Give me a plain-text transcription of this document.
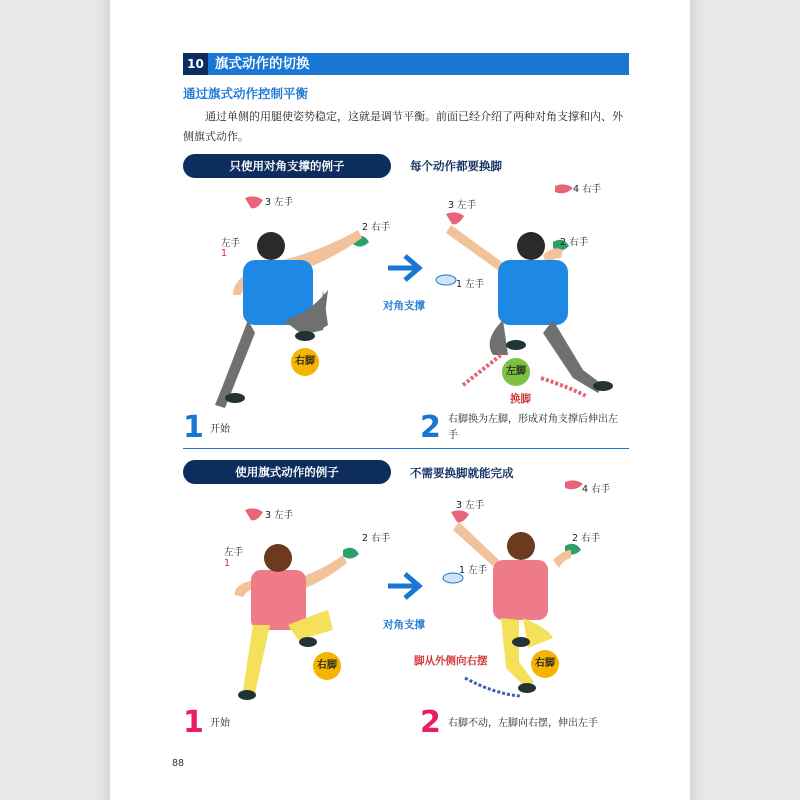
10 旗式动作的切换
通过旗式动作控制平衡
通过单侧的用腿使姿势稳定，这就是调节平衡。前面已经介绍了两种对角支撑和内、外侧旗式动作。
只使用对角支撑的例子	每个动作都要换脚
3 左手
2 右手
左手
1
右脚
对角支撑
4 右手
3 左手
2 右手
1 左手
左脚
换脚
1 开始	2 右脚换为左脚，形成对角支撑后伸出左手
使用旗式动作的例子	不需要换脚就能完成
3 左手
2 右手
左手
1
右脚
对角支撑
4 右手
3 左手
2 右手
1 左手
右脚
脚从外侧向右摆
1 开始	2 右脚不动，左脚向右摆，伸出左手
88
